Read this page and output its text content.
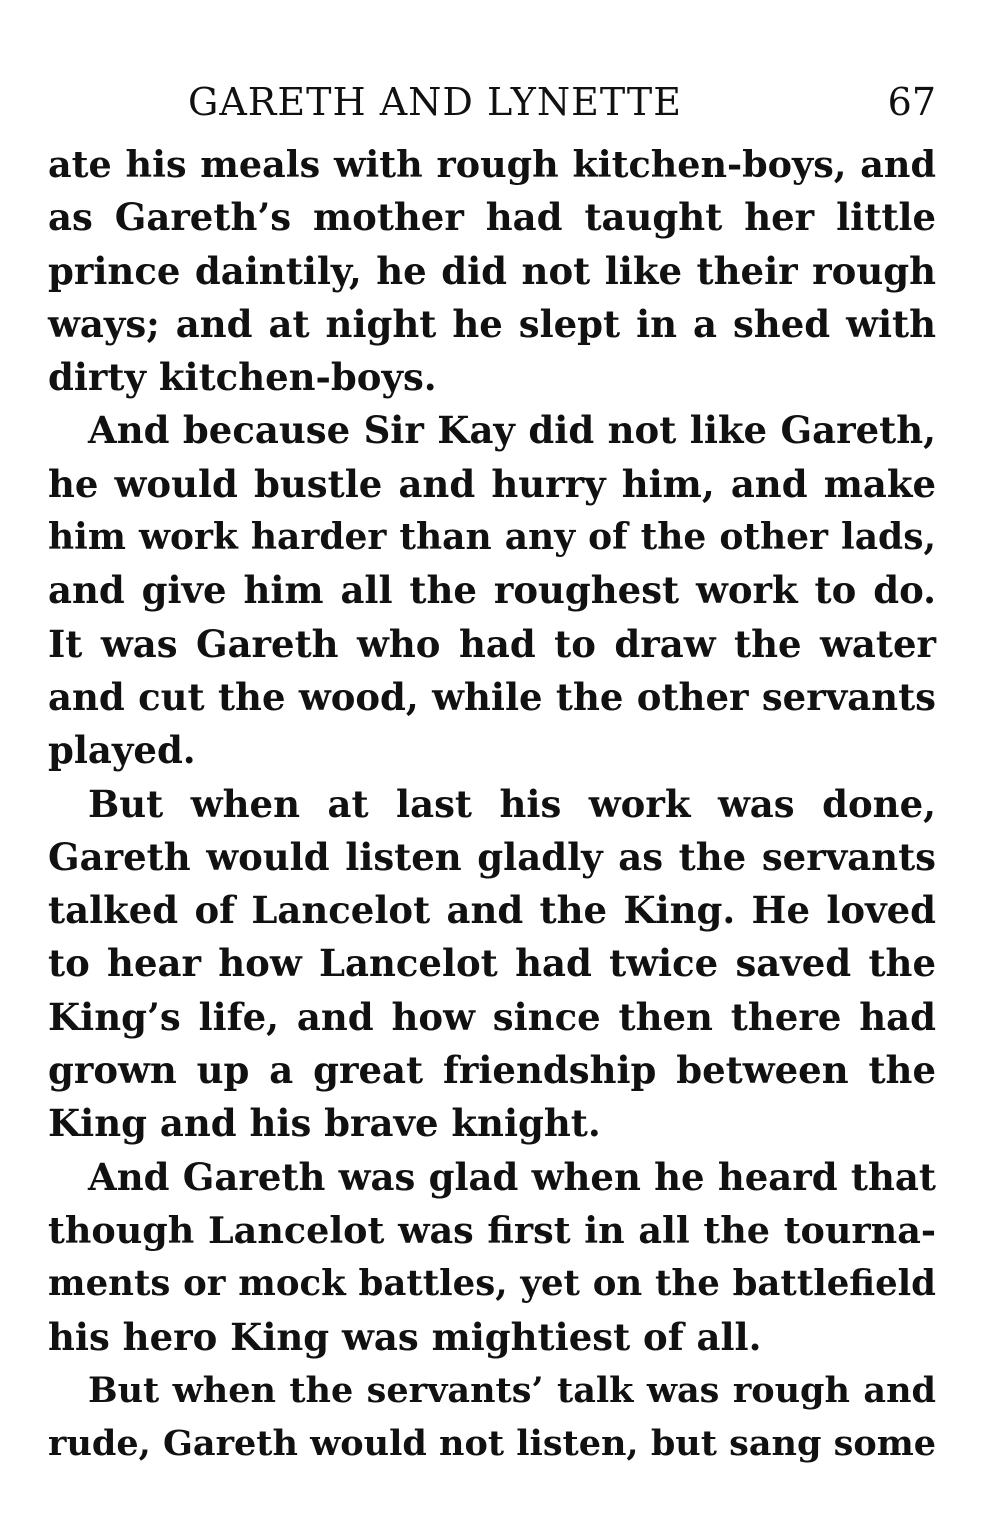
GARETH AND LYNETTE	67
ate his meals with rough kitchen-boys, and
as Gareth’s mother had taught her little
prince daintily, he did not like their rough
ways; and at night he slept in a shed with
dirty kitchen-boys.
And because Sir Kay did not like Gareth,
he would bustle and hurry him, and make
him work harder than any of the other lads,
and give him all the roughest work to do.
It was Gareth who had to draw the water
and cut the wood, while the other servants
played.
But when at last his work was done,
Gareth would listen gladly as the servants
talked of Lancelot and the King. He loved
to hear how Lancelot had twice saved the
King’s life, and how since then there had
grown up a great friendship between the
King and his brave knight.
And Gareth was glad when he heard that
though Lancelot was first in all the tourna-
ments or mock battles, yet on the battlefield
his hero King was mightiest of all.
But when the servants’ talk was rough and
rude, Gareth would not listen, but sang some
